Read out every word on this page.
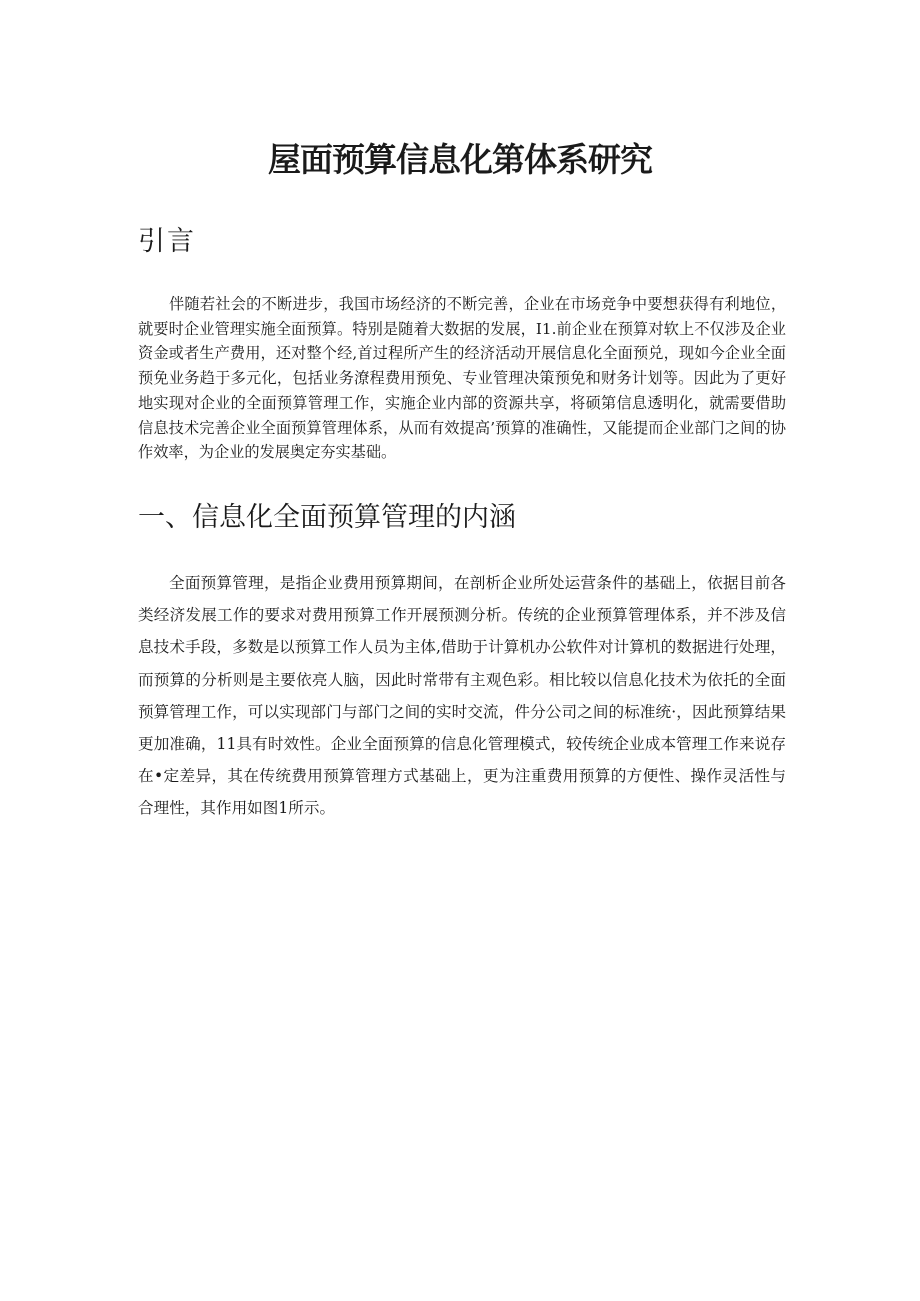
屋面预算信息化第体系研究
引言

伴随若社会的不断进步，我国市场经济的不断完善，企业在市场竞争中要想获得有利地位，就要时企业管理实施全面预算。特别是随着大数据的发展，I1.前企业在预算对软上不仅涉及企业资金或者生产费用，还对整个经,首过程所产生的经济活动开展信息化全面预兑，现如今企业全面预免业务趋于多元化，包括业务潦程费用预免、专业管理决策预免和财务计划等。因此为了更好地实现对企业的全面预算管理工作，实施企业内部的资源共享，将硕第信息透明化，就需要借助信息技术完善企业全面预算管理体系，从而有效提高’预算的准确性，又能提而企业部门之间的协作效率，为企业的发展奥定夯实基础。

一、信息化全面预算管理的内涵

全面预算管理，是指企业费用预算期间，在剖析企业所处运营条件的基础上，依据目前各类经济发展工作的要求对费用预算工作开展预测分析。传统的企业预算管理体系，并不涉及信息技术手段，多数是以预算工作人员为主体,借助于计算机办公软件对计算机的数据进行处理，而预算的分析则是主要依亮人脑，因此时常带有主观色彩。相比较以信息化技术为依托的全面预算管理工作，可以实现部门与部门之间的实时交流，件分公司之间的标准统·，因此预算结果更加准确，11具有时效性。企业全面预算的信息化管理模式，较传统企业成本管理工作来说存在•定差异，其在传统费用预算管理方式基础上，更为注重费用预算的方便性、操作灵活性与合理性，其作用如图1所示。
